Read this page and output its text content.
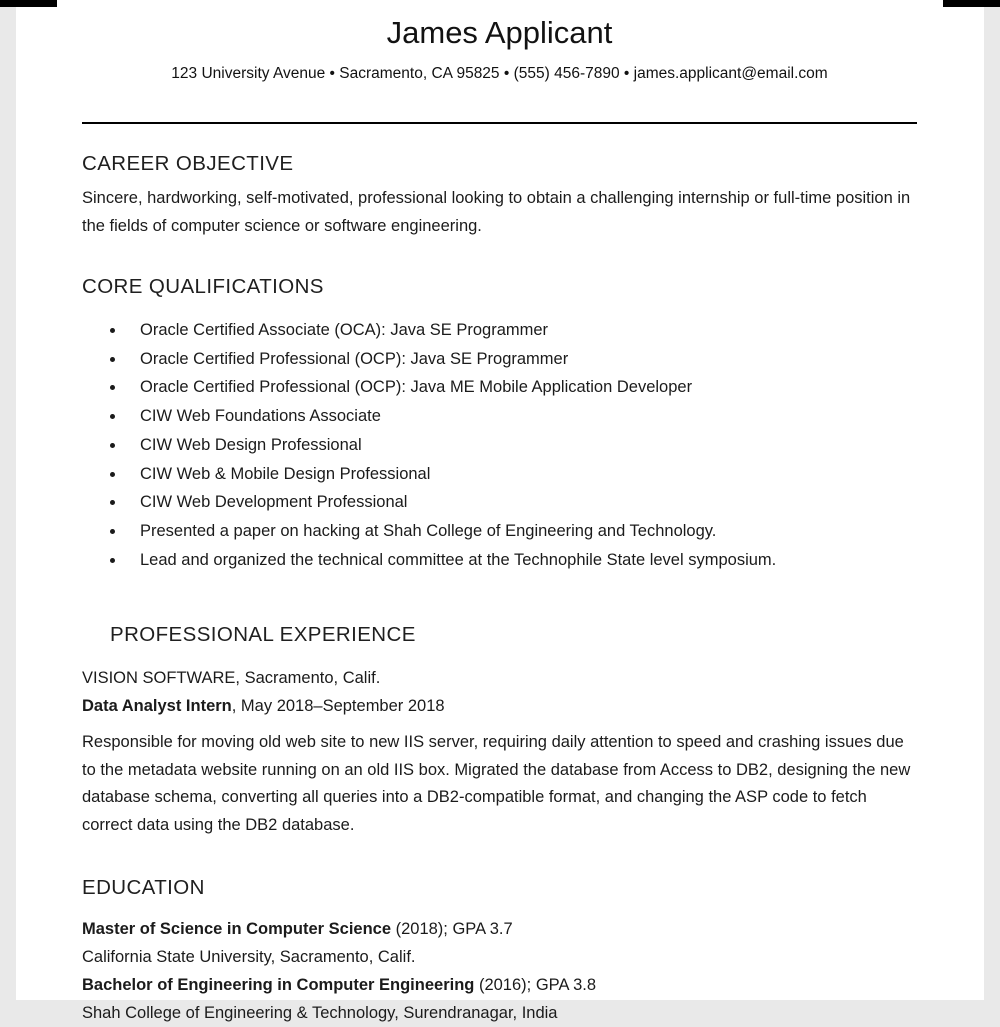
James Applicant
123 University Avenue • Sacramento, CA 95825 • (555) 456-7890 • james.applicant@email.com
CAREER OBJECTIVE

Sincere, hardworking, self-motivated, professional looking to obtain a challenging internship or full-time position in the fields of computer science or software engineering.

CORE QUALIFICATIONS
• Oracle Certified Associate (OCA): Java SE Programmer
• Oracle Certified Professional (OCP): Java SE Programmer
• Oracle Certified Professional (OCP): Java ME Mobile Application Developer
• CIW Web Foundations Associate
• CIW Web Design Professional
• CIW Web & Mobile Design Professional
• CIW Web Development Professional
• Presented a paper on hacking at Shah College of Engineering and Technology.
• Lead and organized the technical committee at the Technophile State level symposium.
PROFESSIONAL EXPERIENCE
VISION SOFTWARE, Sacramento, Calif.
Data Analyst Intern, May 2018–September 2018

Responsible for moving old web site to new IIS server, requiring daily attention to speed and crashing issues due to the metadata website running on an old IIS box. Migrated the database from Access to DB2, designing the new database schema, converting all queries into a DB2-compatible format, and changing the ASP code to fetch correct data using the DB2 database.

EDUCATION
Master of Science in Computer Science (2018); GPA 3.7
California State University, Sacramento, Calif.
Bachelor of Engineering in Computer Engineering (2016); GPA 3.8
Shah College of Engineering & Technology, Surendranagar, India
